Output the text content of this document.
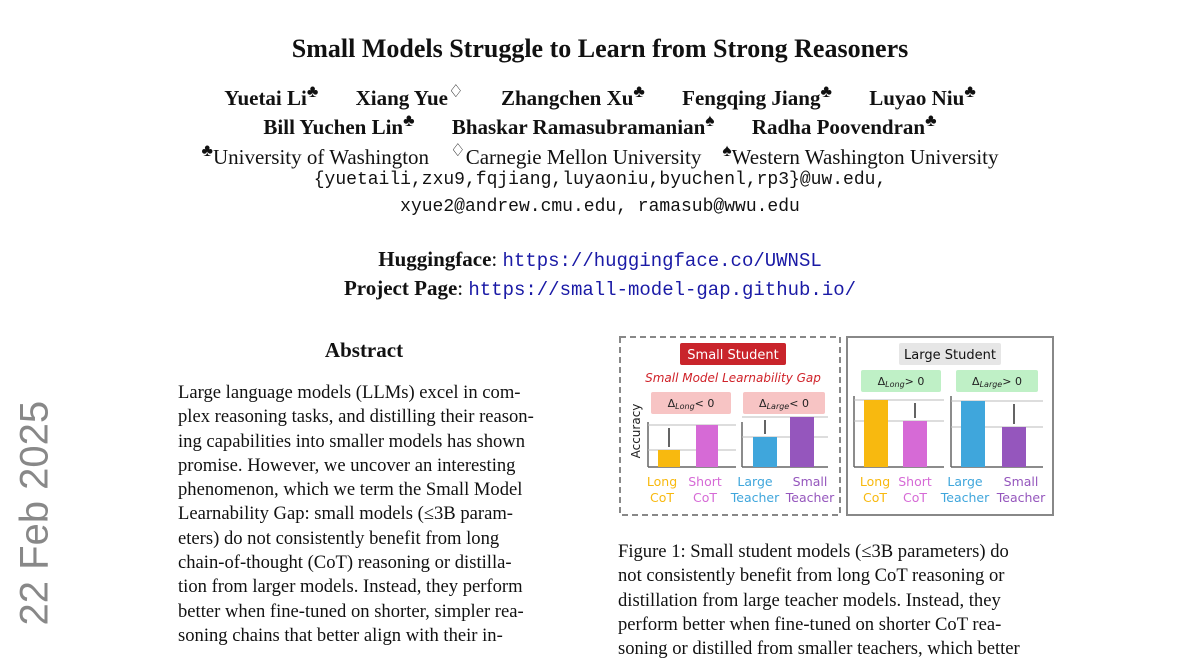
Small Models Struggle to Learn from Strong Reasoners
Yuetai Li♣ Xiang Yue♢ Zhangchen Xu♣ Fengqing Jiang♣ Luyao Niu♣
Bill Yuchen Lin♣ Bhaskar Ramasubramanian♠ Radha Poovendran♣
♣University of Washington ♢Carnegie Mellon University ♠Western Washington University
{yuetaili,zxu9,fqjiang,luyaoniu,byuchenl,rp3}@uw.edu,
xyue2@andrew.cmu.edu, ramasub@wwu.edu
Huggingface: https://huggingface.co/UWNSL
Project Page: https://small-model-gap.github.io/
22 Feb 2025
Abstract
Large language models (LLMs) excel in com-
plex reasoning tasks, and distilling their reason-
ing capabilities into smaller models has shown
promise. However, we uncover an interesting
phenomenon, which we term the Small Model
Learnability Gap: small models (≤3B param-
eters) do not consistently benefit from long
chain-of-thought (CoT) reasoning or distilla-
tion from larger models. Instead, they perform
better when fine-tuned on shorter, simpler rea-
soning chains that better align with their in-
Small Student
Small Model Learnability Gap
Accuracy
ΔLong< 0
Long
CoT
Short
CoT
ΔLarge< 0
Large
Teacher
Small
Teacher
Large Student
ΔLong> 0
Long
CoT
Short
CoT
ΔLarge> 0
Large
Teacher
Small
Teacher
Figure 1: Small student models (≤3B parameters) do
not consistently benefit from long CoT reasoning or
distillation from large teacher models. Instead, they
perform better when fine-tuned on shorter CoT rea-
soning or distilled from smaller teachers, which better
